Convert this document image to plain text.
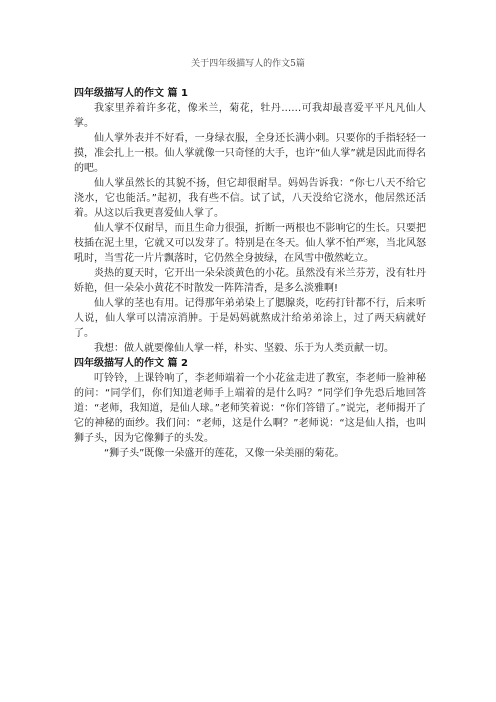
关于四年级描写人的作文5篇

四年级描写人的作文 篇 1

我家里养着许多花，像米兰，菊花，牡丹……可我却最喜爱平平凡凡仙人掌。

仙人掌外表并不好看，一身绿衣服，全身还长满小刺。只要你的手指轻轻一摸，准会扎上一根。仙人掌就像一只奇怪的大手，也许“仙人掌”就是因此而得名的吧。

仙人掌虽然长的其貌不扬，但它却很耐旱。妈妈告诉我：“你七八天不给它浇水，它也能活。”起初，我有些不信。试了试，八天没给它浇水，他居然还活着。从这以后我更喜爱仙人掌了。

仙人掌不仅耐旱，而且生命力很强，折断一两根也不影响它的生长。只要把枝插在泥土里，它就又可以发芽了。特别是在冬天。仙人掌不怕严寒，当北风怒吼时，当雪花一片片飘落时，它仍然全身披绿，在风雪中傲然屹立。

炎热的夏天时，它开出一朵朵淡黄色的小花。虽然没有米兰芬芳，没有牡丹娇艳，但一朵朵小黄花不时散发一阵阵清香，是多么淡雅啊!

仙人掌的茎也有用。记得那年弟弟染上了腮腺炎，吃药打针都不行，后来听人说，仙人掌可以清凉消肿。于是妈妈就熬成汁给弟弟涂上，过了两天病就好了。

我想：做人就要像仙人掌一样，朴实、坚毅、乐于为人类贡献一切。

四年级描写人的作文 篇 2

叮铃铃，上课铃响了，李老师端着一个小花盆走进了教室，李老师一脸神秘的问：“同学们，你们知道老师手上端着的是什么吗？”同学们争先恐后地回答道：“老师，我知道，是仙人球。”老师笑着说：“你们答错了。”说完，老师揭开了它的神秘的面纱。我们问：“老师，这是什么啊？”老师说：“这是仙人指，也叫狮子头，因为它像狮子的头发。

“狮子头”既像一朵盛开的莲花，又像一朵美丽的菊花。
